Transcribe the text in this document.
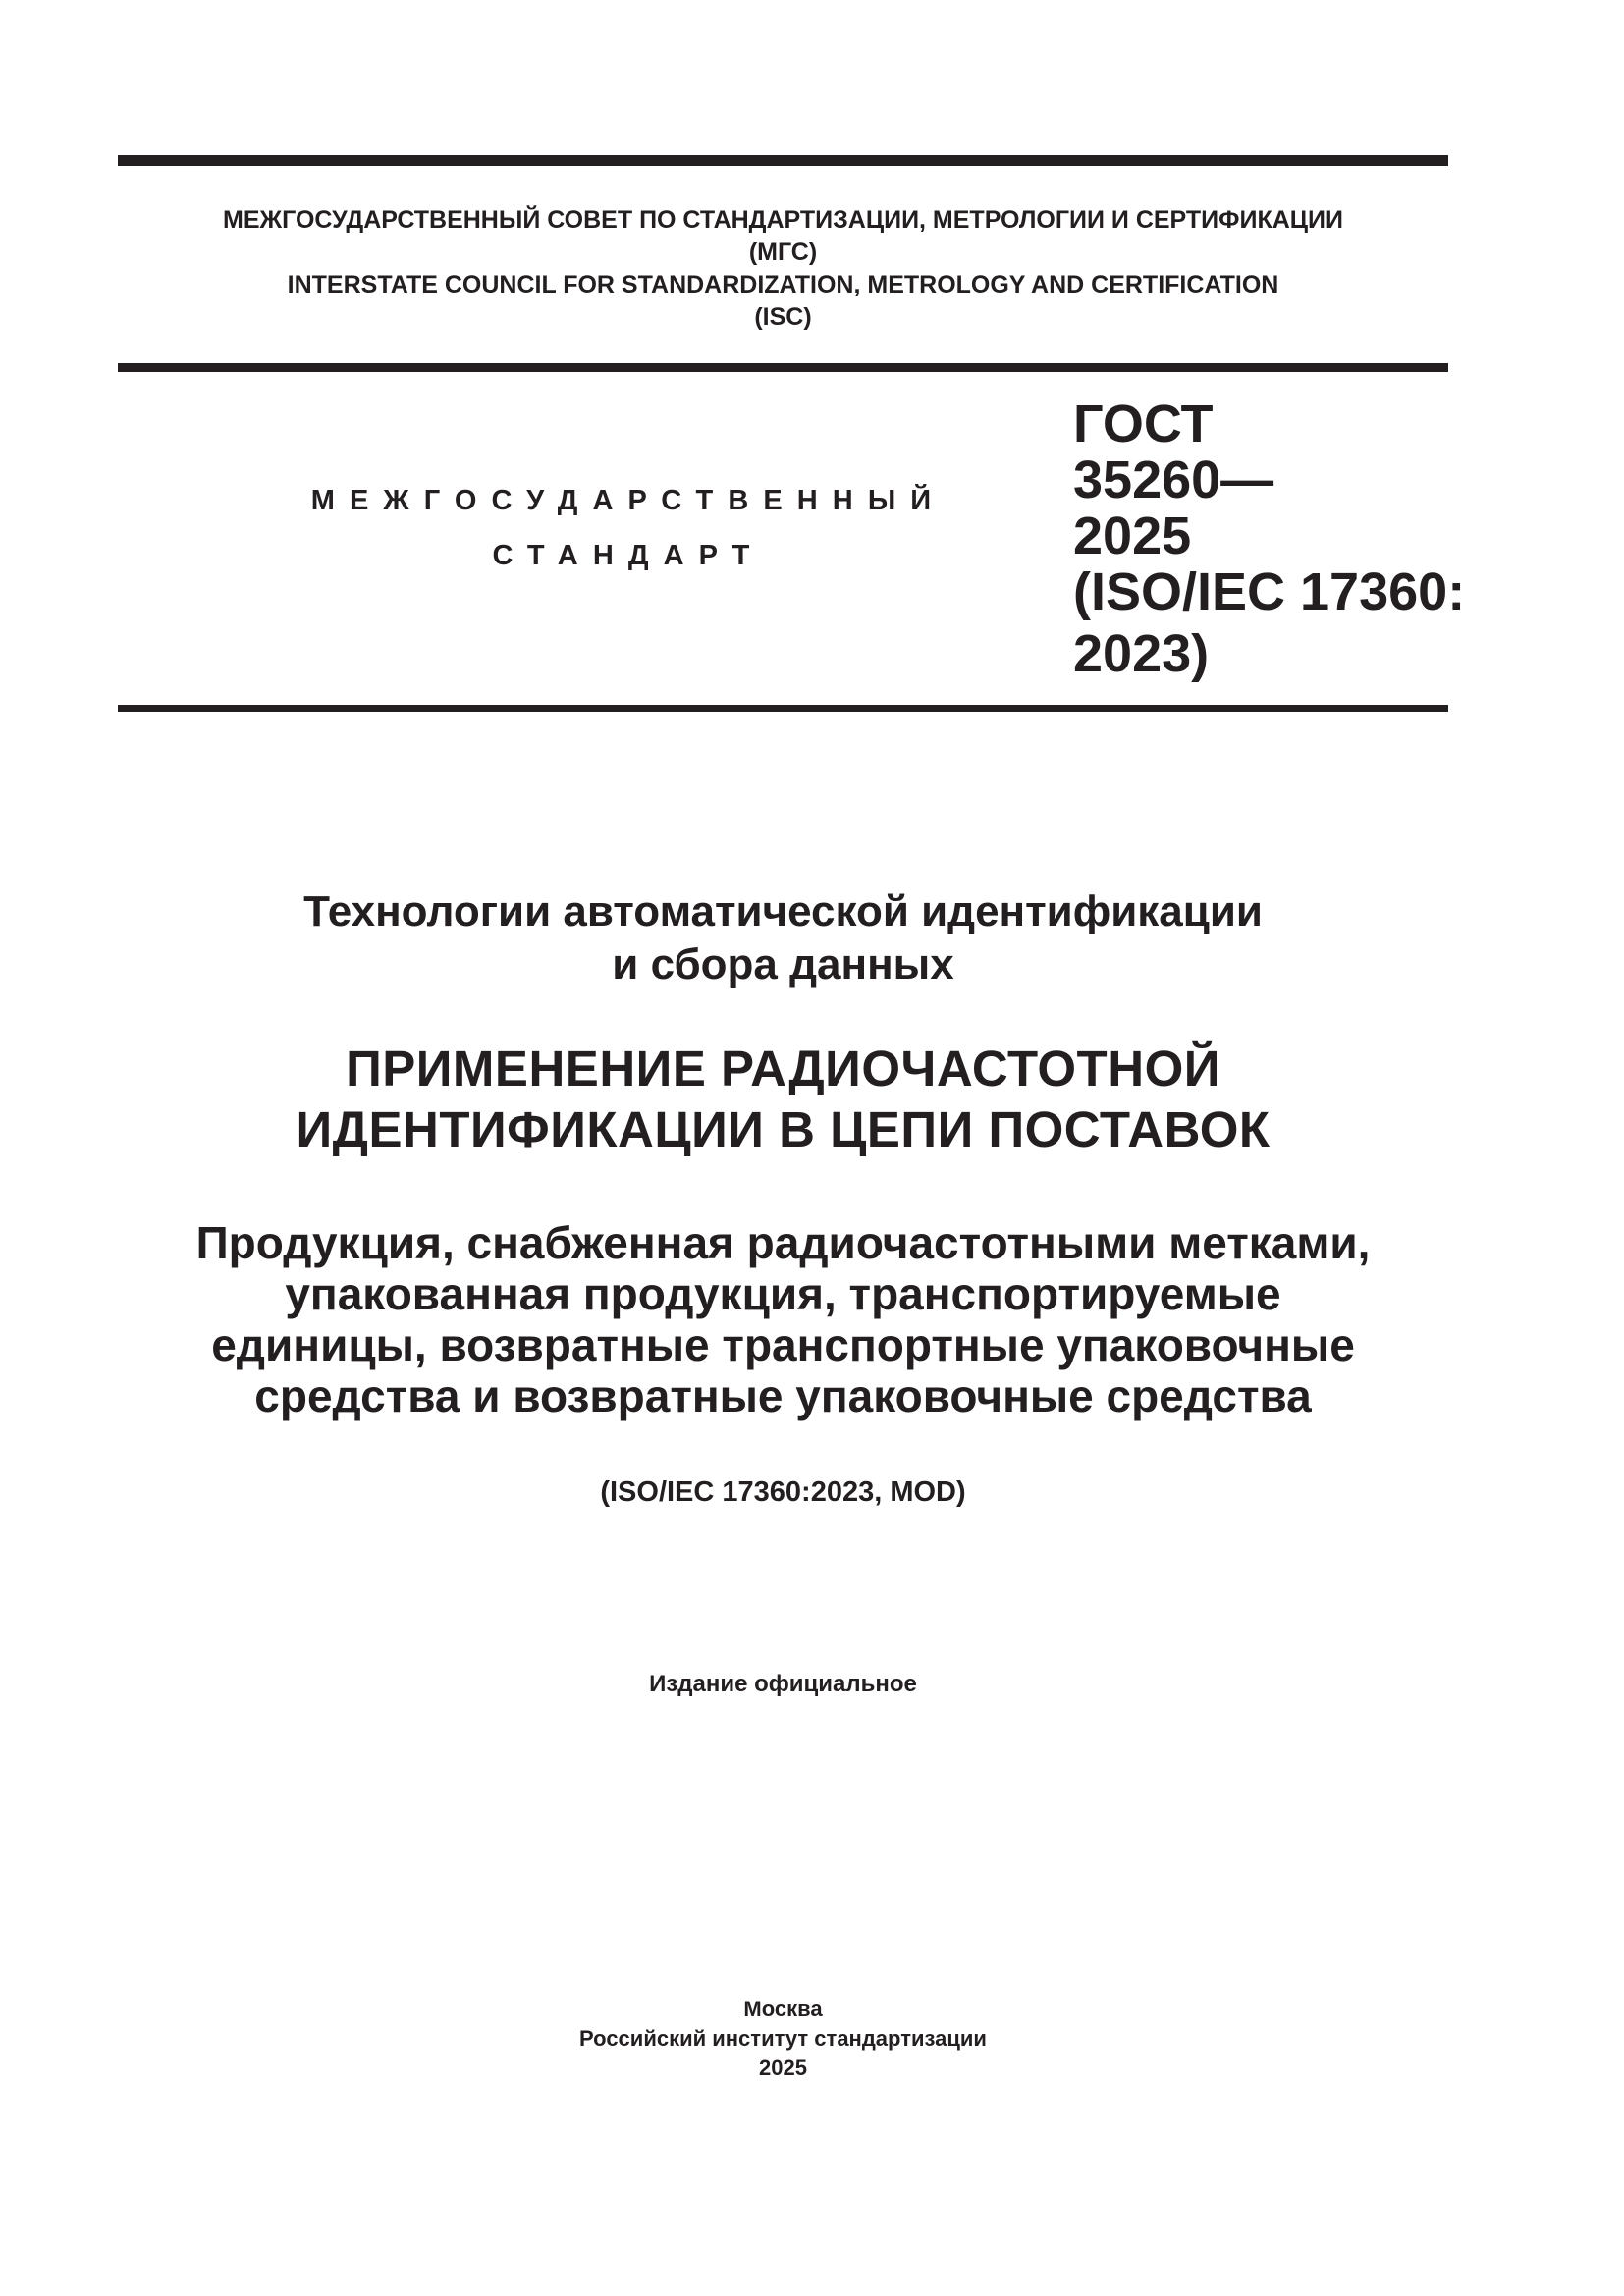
МЕЖГОСУДАРСТВЕННЫЙ СОВЕТ ПО СТАНДАРТИЗАЦИИ, МЕТРОЛОГИИ И СЕРТИФИКАЦИИ
(МГС)
INTERSTATE COUNCIL FOR STANDARDIZATION, METROLOGY AND CERTIFICATION
(ISC)
МЕЖГОСУДАРСТВЕННЫЙ
СТАНДАРТ
ГОСТ
35260—
2025
(ISO/IEC 17360:
2023)
Технологии автоматической идентификации
и сбора данных
ПРИМЕНЕНИЕ РАДИОЧАСТОТНОЙ
ИДЕНТИФИКАЦИИ В ЦЕПИ ПОСТАВОК
Продукция, снабженная радиочастотными метками,
упакованная продукция, транспортируемые
единицы, возвратные транспортные упаковочные
средства и возвратные упаковочные средства
(ISO/IEC 17360:2023, MOD)
Издание официальное
Москва
Российский институт стандартизации
2025
